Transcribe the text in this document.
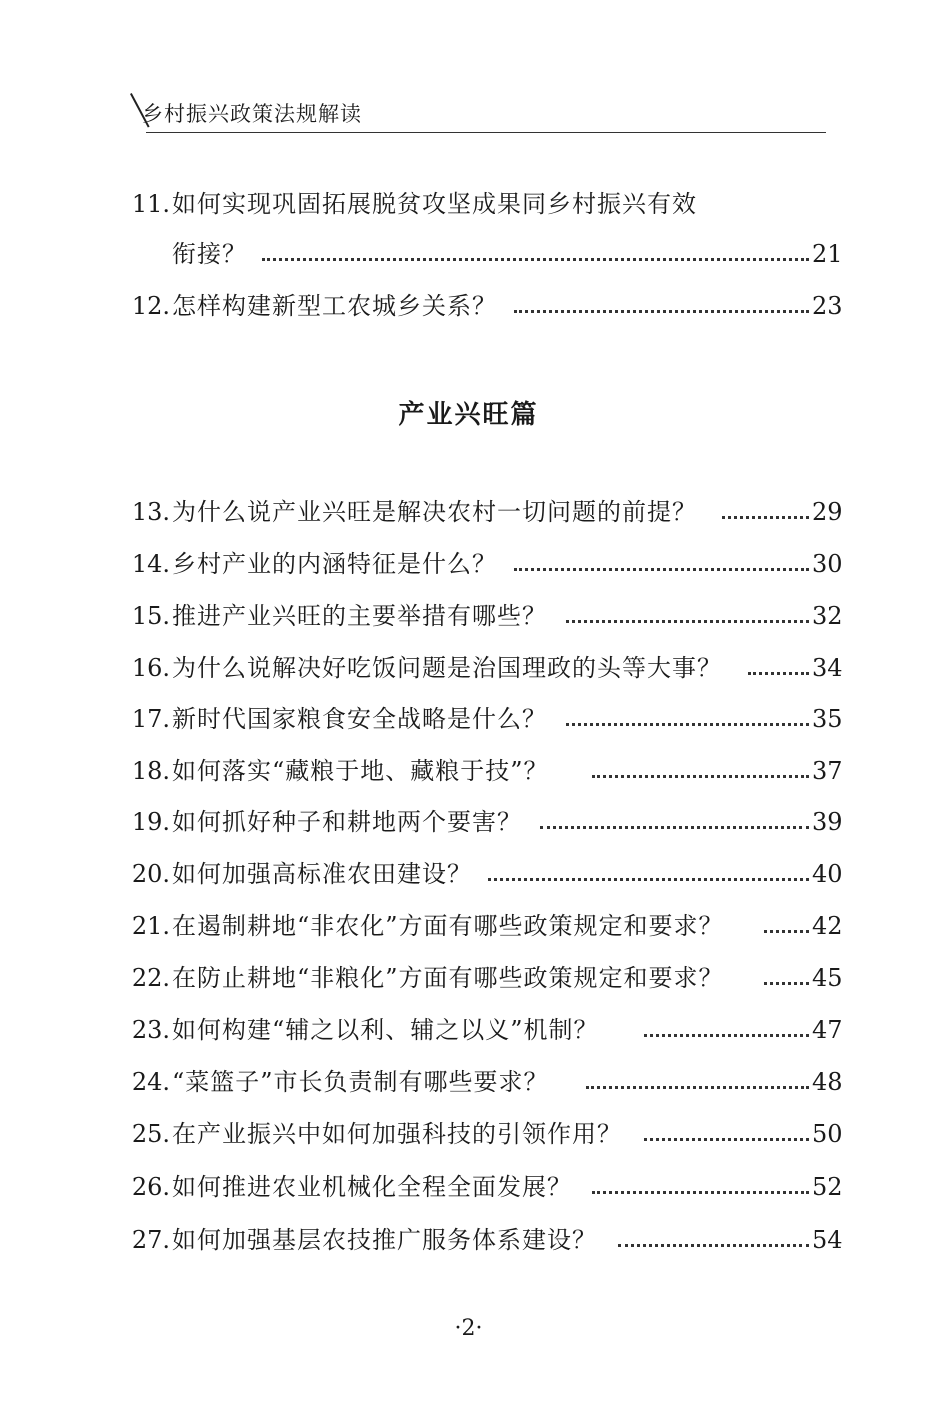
乡村振兴政策法规解读
11. 如何实现巩固拓展脱贫攻坚成果同乡村振兴有效
衔接？	21
12. 怎样构建新型工农城乡关系？	23
产业兴旺篇
13. 为什么说产业兴旺是解决农村一切问题的前提？	29
14. 乡村产业的内涵特征是什么？	30
15. 推进产业兴旺的主要举措有哪些？	32
16. 为什么说解决好吃饭问题是治国理政的头等大事？	34
17. 新时代国家粮食安全战略是什么？	35
18. 如何落实“藏粮于地、藏粮于技”？	37
19. 如何抓好种子和耕地两个要害？	39
20. 如何加强高标准农田建设？	40
21. 在遏制耕地“非农化”方面有哪些政策规定和要求？	42
22. 在防止耕地“非粮化”方面有哪些政策规定和要求？	45
23. 如何构建“辅之以利、辅之以义”机制？	47
24. “菜篮子”市长负责制有哪些要求？	48
25. 在产业振兴中如何加强科技的引领作用？	50
26. 如何推进农业机械化全程全面发展？	52
27. 如何加强基层农技推广服务体系建设？	54
·2·
